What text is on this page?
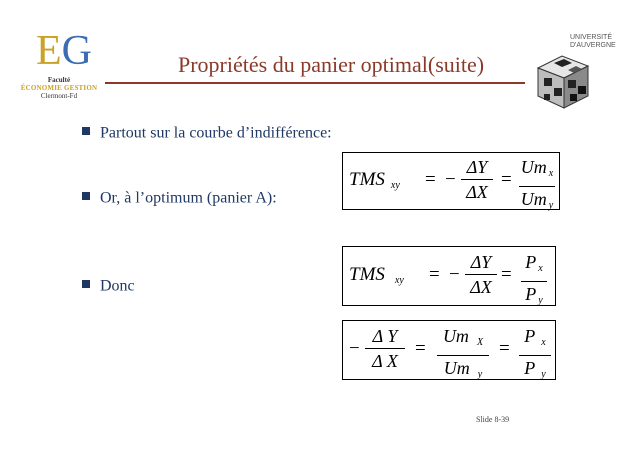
EG
Faculté
ÉCONOMIE GESTION
Clermont-Fd
Propriétés du panier optimal(suite)
UNIVERSITÉ
D'AUVERGNE
Partout sur la courbe d’indifférence:
Or, à l’optimum (panier A):
Donc
TMS $_{xy}$ = −
ΔY
ΔX
=
Um $_x$
Um $_y$
TMS $_{xy}$ = −
ΔY
ΔX
=
P $_x$
P $_y$
−
Δ Y
Δ X
=
Um $_X$
Um $_y$
=
P $_x$
P $_y$
Slide 8-39
